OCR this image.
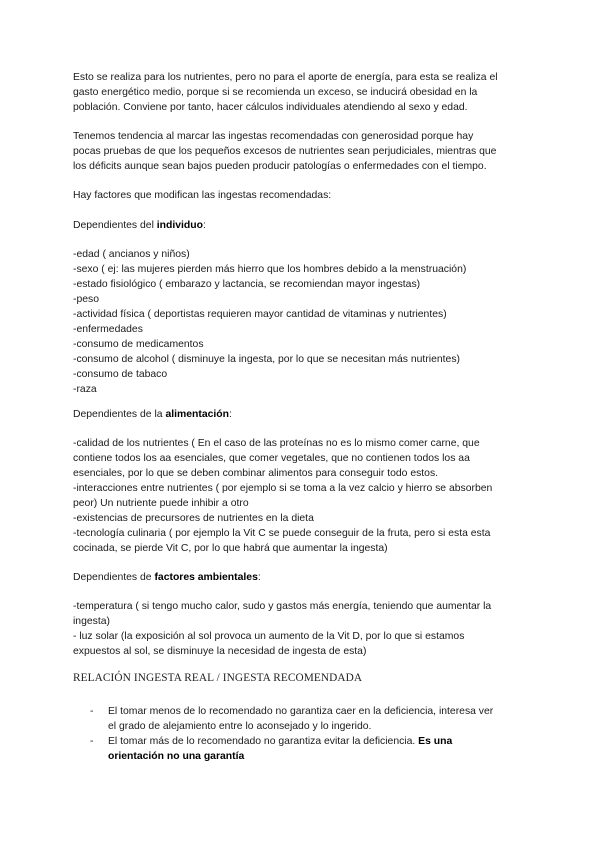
Esto se realiza para los nutrientes, pero no para el aporte de energía, para esta se realiza el

gasto energético medio, porque si se recomienda un exceso, se inducirá obesidad en la

población. Conviene por tanto, hacer cálculos individuales atendiendo al sexo y edad.

Tenemos tendencia al marcar las ingestas recomendadas con generosidad porque hay

pocas pruebas de que los pequeños excesos de nutrientes sean perjudiciales, mientras que

los déficits aunque sean bajos pueden producir patologías o enfermedades con el tiempo.

Hay factores que modifican las ingestas recomendadas:

Dependientes del individuo:

-edad ( ancianos y niños)

-sexo ( ej: las mujeres pierden más hierro que los hombres debido a la menstruación)

-estado fisiológico ( embarazo y lactancia, se recomiendan mayor ingestas)

-peso

-actividad física ( deportistas requieren mayor cantidad de vitaminas y nutrientes)

-enfermedades

-consumo de medicamentos

-consumo de alcohol ( disminuye la ingesta, por lo que se necesitan más nutrientes)

-consumo de tabaco

-raza

Dependientes de la alimentación:

-calidad de los nutrientes ( En el caso de las proteínas no es lo mismo comer carne, que

contiene todos los aa esenciales, que comer vegetales, que no contienen todos los aa

esenciales, por lo que se deben combinar alimentos para conseguir todo estos.

-interacciones entre nutrientes ( por ejemplo si se toma a la vez calcio y hierro se absorben

peor) Un nutriente puede inhibir a otro

-existencias de precursores de nutrientes en la dieta

-tecnología culinaria ( por ejemplo la Vit C se puede conseguir de la fruta, pero si esta esta

cocinada, se pierde Vit C, por lo que habrá que aumentar la ingesta)

Dependientes de factores ambientales:

-temperatura ( si tengo mucho calor, sudo y gastos más energía, teniendo que aumentar la

ingesta)

- luz solar (la exposición al sol provoca un aumento de la Vit D, por lo que si estamos

expuestos al sol, se disminuye la necesidad de ingesta de esta)

RELACIÓN INGESTA REAL / INGESTA RECOMENDADA
- El tomar menos de lo recomendado no garantiza caer en la deficiencia, interesa ver

el grado de alejamiento entre lo aconsejado y lo ingerido.

- El tomar más de lo recomendado no garantiza evitar la deficiencia. Es una

orientación no una garantía
